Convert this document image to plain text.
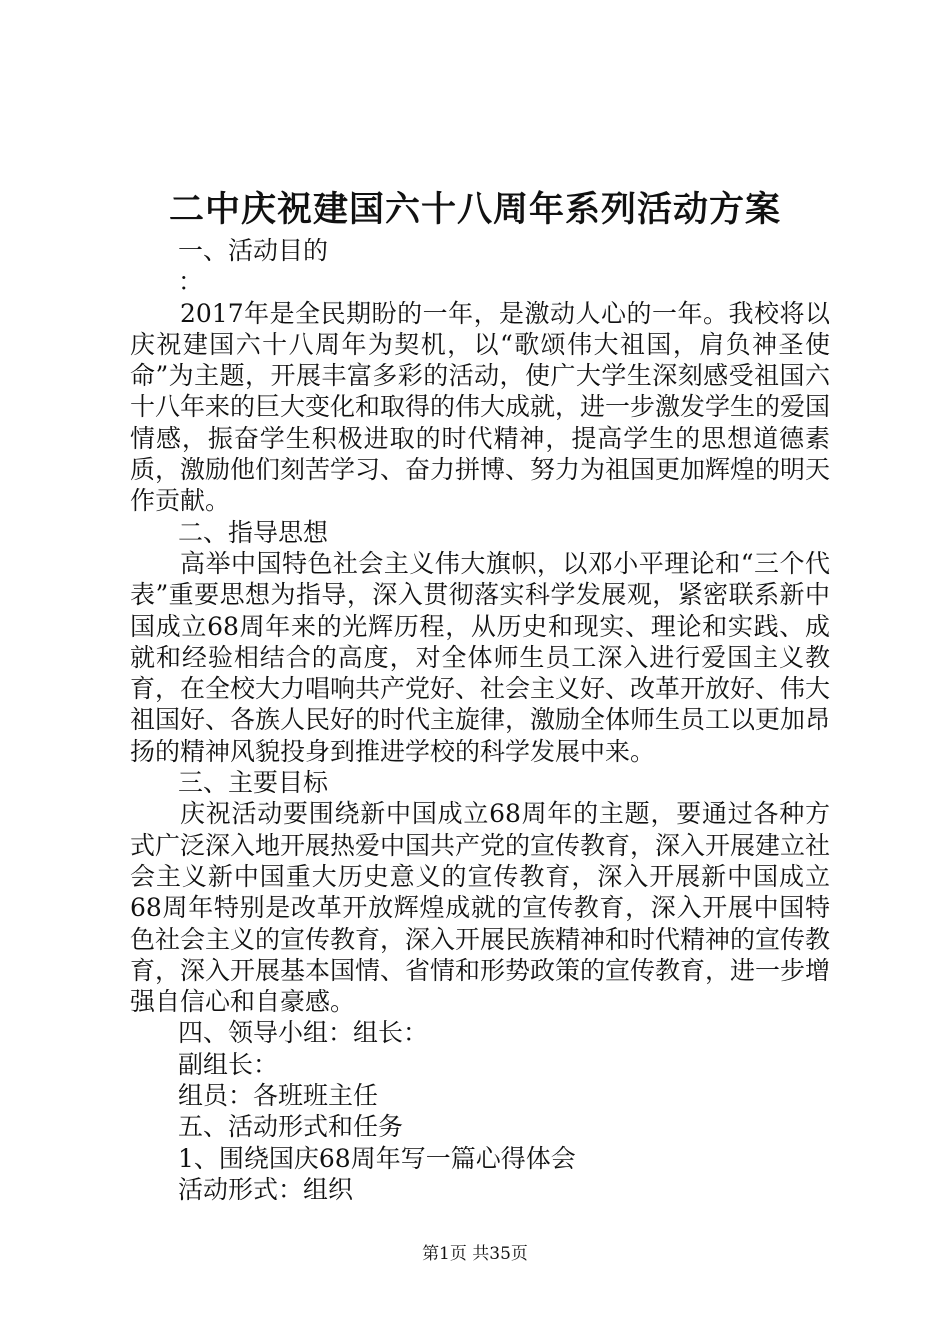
二中庆祝建国六十八周年系列活动方案

一、活动目的

：

2017年是全民期盼的一年，是激动人心的一年。我校将以庆祝建国六十八周年为契机，以“歌颂伟大祖国，肩负神圣使命”为主题，开展丰富多彩的活动，使广大学生深刻感受祖国六十八年来的巨大变化和取得的伟大成就，进一步激发学生的爱国情感，振奋学生积极进取的时代精神，提高学生的思想道德素质，激励他们刻苦学习、奋力拼博、努力为祖国更加辉煌的明天作贡献。

二、指导思想

高举中国特色社会主义伟大旗帜，以邓小平理论和“三个代表”重要思想为指导，深入贯彻落实科学发展观，紧密联系新中国成立68周年来的光辉历程，从历史和现实、理论和实践、成就和经验相结合的高度，对全体师生员工深入进行爱国主义教育，在全校大力唱响共产党好、社会主义好、改革开放好、伟大祖国好、各族人民好的时代主旋律，激励全体师生员工以更加昂扬的精神风貌投身到推进学校的科学发展中来。

三、主要目标

庆祝活动要围绕新中国成立68周年的主题，要通过各种方式广泛深入地开展热爱中国共产党的宣传教育，深入开展建立社会主义新中国重大历史意义的宣传教育，深入开展新中国成立68周年特别是改革开放辉煌成就的宣传教育，深入开展中国特色社会主义的宣传教育，深入开展民族精神和时代精神的宣传教育，深入开展基本国情、省情和形势政策的宣传教育，进一步增强自信心和自豪感。

四、领导小组：组长：

副组长：

组员：各班班主任

五、活动形式和任务

1、围绕国庆68周年写一篇心得体会

活动形式：组织

第1页 共35页
